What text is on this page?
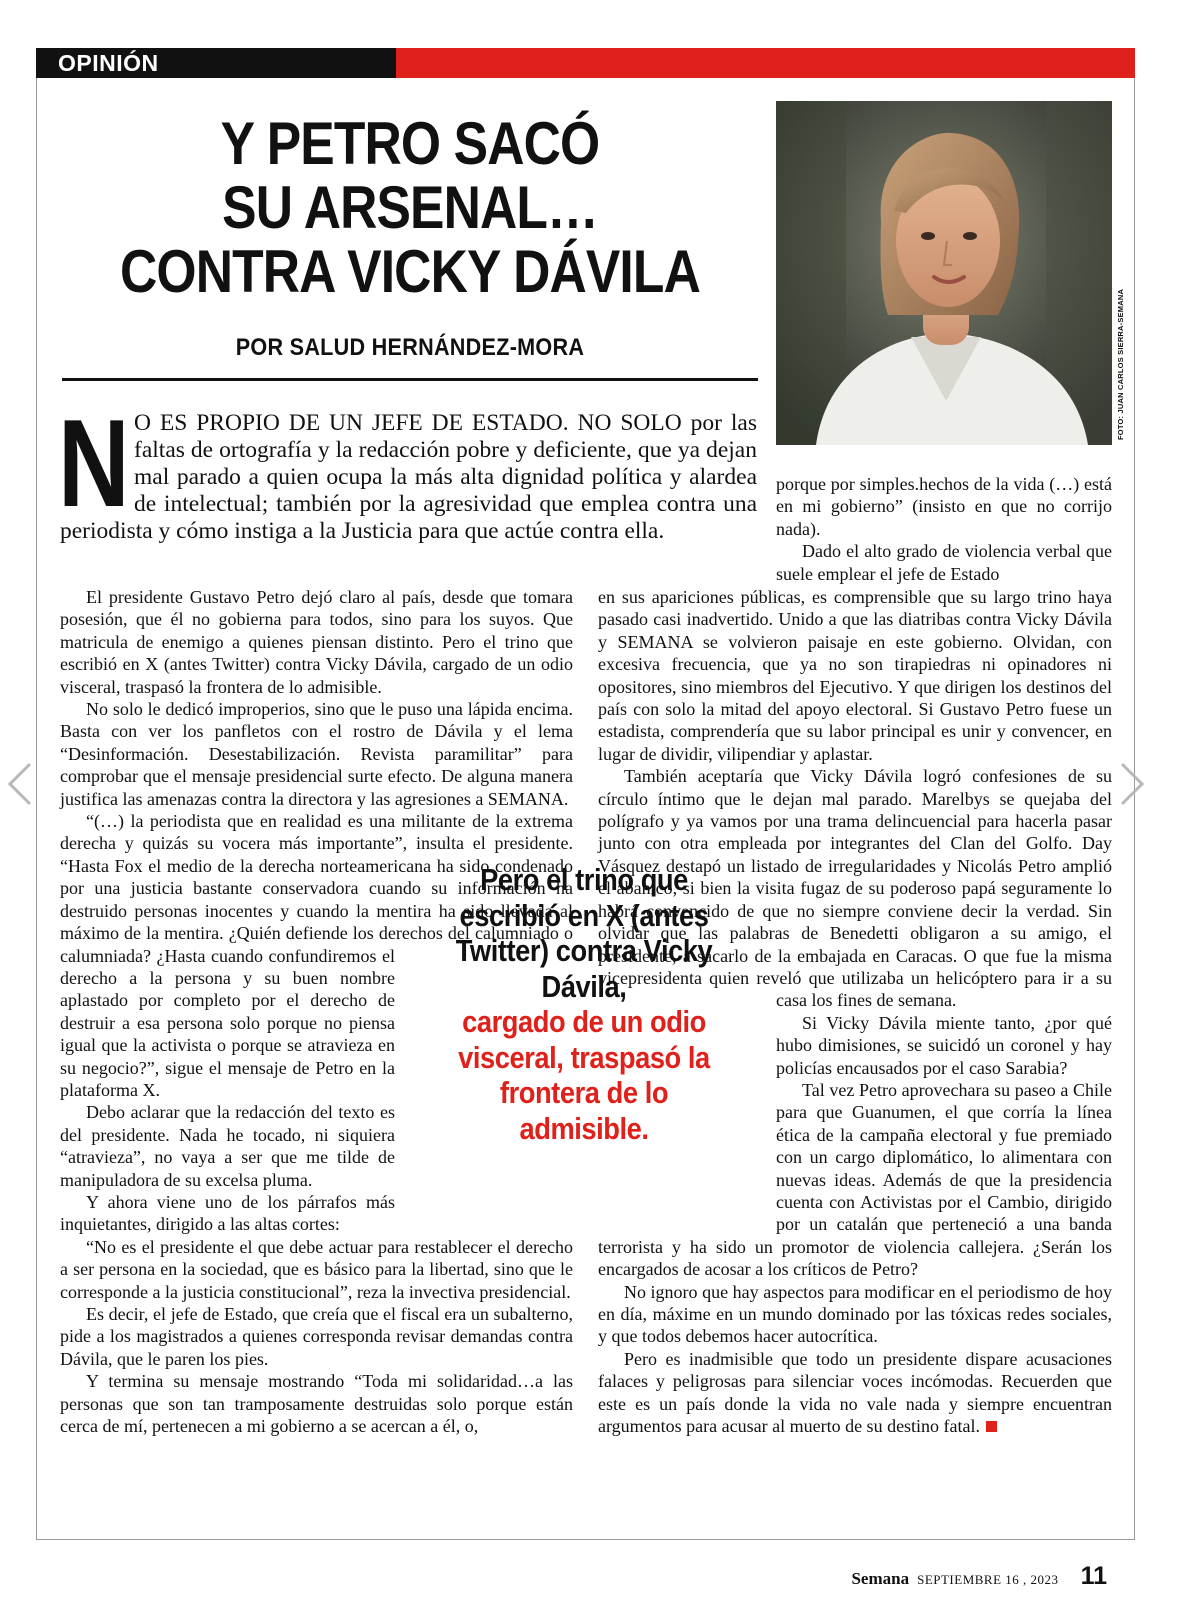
OPINIÓN
Y PETRO SACÓ
SU ARSENAL…
CONTRA VICKY DÁVILA
POR SALUD HERNÁNDEZ-MORA	FOTO: JUAN CARLOS SIERRA-SEMANA
N O ES PROPIO DE UN JEFE DE ESTADO. NO SOLO por las faltas de ortografía y la redacción pobre y deficiente, que ya dejan mal parado a quien ocupa la más alta dignidad política y alardea de intelectual; también por la agresividad que emplea contra una periodista y cómo instiga a la Justicia para que actúe contra ella.

porque por simples.hechos de la vida (…) está en mi gobierno” (insisto en que no corrijo nada).

Dado el alto grado de violencia verbal que suele emplear el jefe de Estado

El presidente Gustavo Petro dejó claro al país, desde que tomara posesión, que él no gobierna para todos, sino para los suyos. Que matricula de enemigo a quienes piensan distinto. Pero el trino que escribió en X (antes Twitter) contra Vicky Dávila, cargado de un odio visceral, traspasó la frontera de lo admisible.

No solo le dedicó improperios, sino que le puso una lápida encima. Basta con ver los panfletos con el rostro de Dávila y el lema “Desinformación. Desestabilización. Revista paramilitar” para comprobar que el mensaje presidencial surte efecto. De alguna manera justifica las amenazas contra la directora y las agresiones a SEMANA.

“(…) la periodista que en realidad es una militante de la extrema derecha y quizás su vocera más importante”, insulta el presidente. “Hasta Fox el medio de la derecha norteamericana ha sido condenado por una justicia bastante conservadora cuando su información ha destruido personas inocentes y cuando la mentira ha sido llevada al máximo de la mentira. ¿Quién defiende los derechos del calumniado o calumniada? ¿Hasta cuando confundiremos el derecho a la persona y su buen nombre aplastado por completo por el derecho de destruir a esa persona solo porque no piensa igual que la activista o porque se atravieza en su negocio?”, sigue el mensaje de Petro en la plataforma X.

Debo aclarar que la redacción del texto es del presidente. Nada he tocado, ni siquiera “atravieza”, no vaya a ser que me tilde de manipuladora de su excelsa pluma.

Y ahora viene uno de los párrafos más inquietantes, dirigido a las altas cortes:

“No es el presidente el que debe actuar para restablecer el derecho a ser persona en la sociedad, que es básico para la libertad, sino que le corresponde a la justicia constitucional”, reza la invectiva presidencial.

Es decir, el jefe de Estado, que creía que el fiscal era un subalterno, pide a los magistrados a quienes corresponda revisar demandas contra Dávila, que le paren los pies.

Y termina su mensaje mostrando “Toda mi solidaridad…a las personas que son tan tramposamente destruidas solo porque están cerca de mí, pertenecen a mi gobierno a se acercan a él, o,

en sus apariciones públicas, es comprensible que su largo trino haya pasado casi inadvertido. Unido a que las diatribas contra Vicky Dávila y SEMANA se volvieron paisaje en este gobierno. Olvidan, con excesiva frecuencia, que ya no son tirapiedras ni opinadores ni opositores, sino miembros del Ejecutivo. Y que dirigen los destinos del país con solo la mitad del apoyo electoral. Si Gustavo Petro fuese un estadista, comprendería que su labor principal es unir y convencer, en lugar de dividir, vilipendiar y aplastar.

También aceptaría que Vicky Dávila logró confesiones de su círculo íntimo que le dejan mal parado. Marelbys se quejaba del polígrafo y ya vamos por una trama delincuencial para hacerla pasar junto con otra empleada por integrantes del Clan del Golfo. Day Vásquez destapó un listado de irregularidades y Nicolás Petro amplió el abanico, si bien la visita fugaz de su poderoso papá seguramente lo habrá convencido de que no siempre conviene decir la verdad. Sin olvidar que las palabras de Benedetti obligaron a su amigo, el presidente, a sacarlo de la embajada en Caracas. O que fue la misma vicepresidenta quien reveló que utilizaba un helicóptero para ir a su casa los fines de semana.

Si Vicky Dávila miente tanto, ¿por qué hubo dimisiones, se suicidó un coronel y hay policías encausados por el caso Sarabia?

Tal vez Petro aprovechara su paseo a Chile para que Guanumen, el que corría la línea ética de la campaña electoral y fue premiado con un cargo diplomático, lo alimentara con nuevas ideas. Además de que la presidencia cuenta con Activistas por el Cambio, dirigido por un catalán que perteneció a una banda terrorista y ha sido un promotor de violencia callejera. ¿Serán los encargados de acosar a los críticos de Petro?

No ignoro que hay aspectos para modificar en el periodismo de hoy en día, máxime en un mundo dominado por las tóxicas redes sociales, y que todos debemos hacer autocrítica.

Pero es inadmisible que todo un presidente dispare acusaciones falaces y peligrosas para silenciar voces incómodas. Recuerden que este es un país donde la vida no vale nada y siempre encuentran argumentos para acusar al muerto de su destino fatal.

Pero el trino que escribió en X (antes Twitter) contra Vicky Dávila,
cargado de un odio visceral, traspasó la frontera de lo admisible.
Semana SEPTIEMBRE 16 , 2023 11
